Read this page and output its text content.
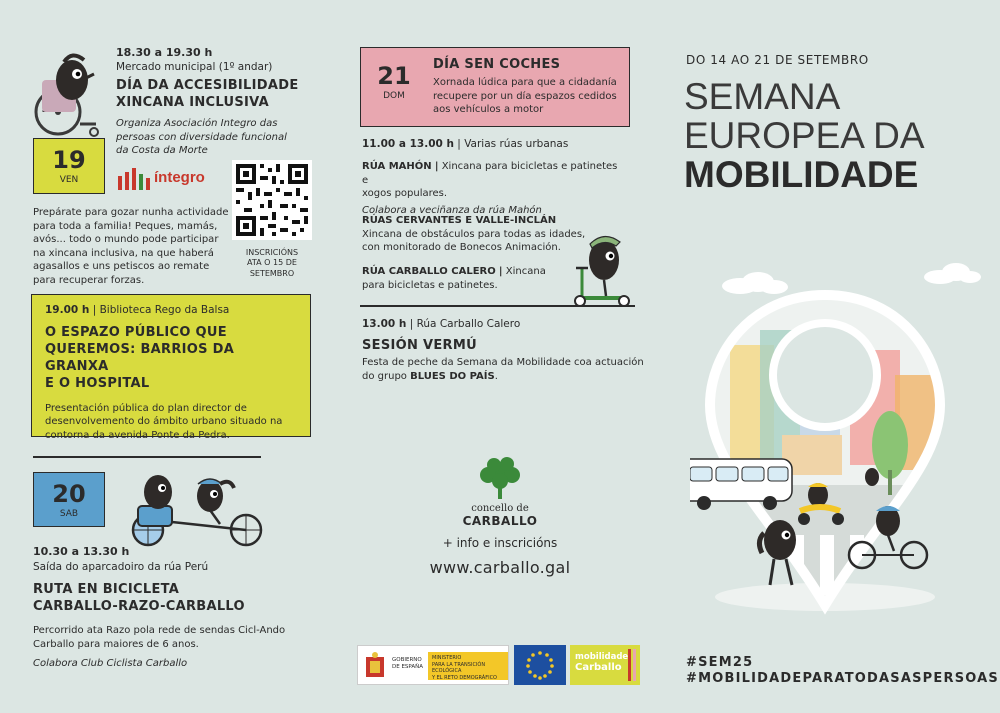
18.30 a 19.30 h
Mercado municipal (1º andar)
DÍA DA ACCESIBILIDADE
XINCANA INCLUSIVA
Organiza Asociación Integro das
persoas con diversidade funcional
da Costa da Morte
19
VEN	íntegro
INSCRICIÓNS
ATA O 15 DE
SETEMBRO
Prepárate para gozar nunha actividade
para toda a familia! Peques, mamás,
avós... todo o mundo pode participar
na xincana inclusiva, na que haberá
agasallos e uns petiscos ao remate
para recuperar forzas.
19.00 h | Biblioteca Rego da Balsa
O ESPAZO PÚBLICO QUE
QUEREMOS: BARRIOS DA GRANXA
E O HOSPITAL
Presentación pública do plan director de
desenvolvemento do ámbito urbano situado na
contorna da avenida Ponte da Pedra.
20
SAB
10.30 a 13.30 h
Saída do aparcadoiro da rúa Perú
RUTA EN BICICLETA
CARBALLO-RAZO-CARBALLO
Percorrido ata Razo pola rede de sendas Cicl-Ando
Carballo para maiores de 6 anos.
Colabora Club Ciclista Carballo
21
DOM
DÍA SEN COCHES
Xornada lúdica para que a cidadanía
recupere por un día espazos cedidos
aos vehículos a motor
11.00 a 13.00 h | Varias rúas urbanas
RÚA MAHÓN | Xincana para bicicletas e patinetes e
xogos populares.
Colabora a veciñanza da rúa Mahón
RÚAS CERVANTES E VALLE-INCLÁN
Xincana de obstáculos para todas as idades,
con monitorado de Bonecos Animación.
RÚA CARBALLO CALERO | Xincana
para bicicletas e patinetes.
13.00 h | Rúa Carballo Calero
SESIÓN VERMÚ
Festa de peche da Semana da Mobilidade coa actuación
do grupo BLUES DO PAÍS.
concello de
CARBALLO
+ info e inscricións
www.carballo.gal
GOBIERNO
DE ESPAÑA
MINISTERIO
PARA LA TRANSICIÓN ECOLÓGICA
Y EL RETO DEMOGRÁFICO
mobilidade
Carballo
DO 14 AO 21 DE SETEMBRO
SEMANA
EUROPEA DA
MOBILIDADE
#SEM25
#MOBILIDADEPARATODASASPERSOAS
